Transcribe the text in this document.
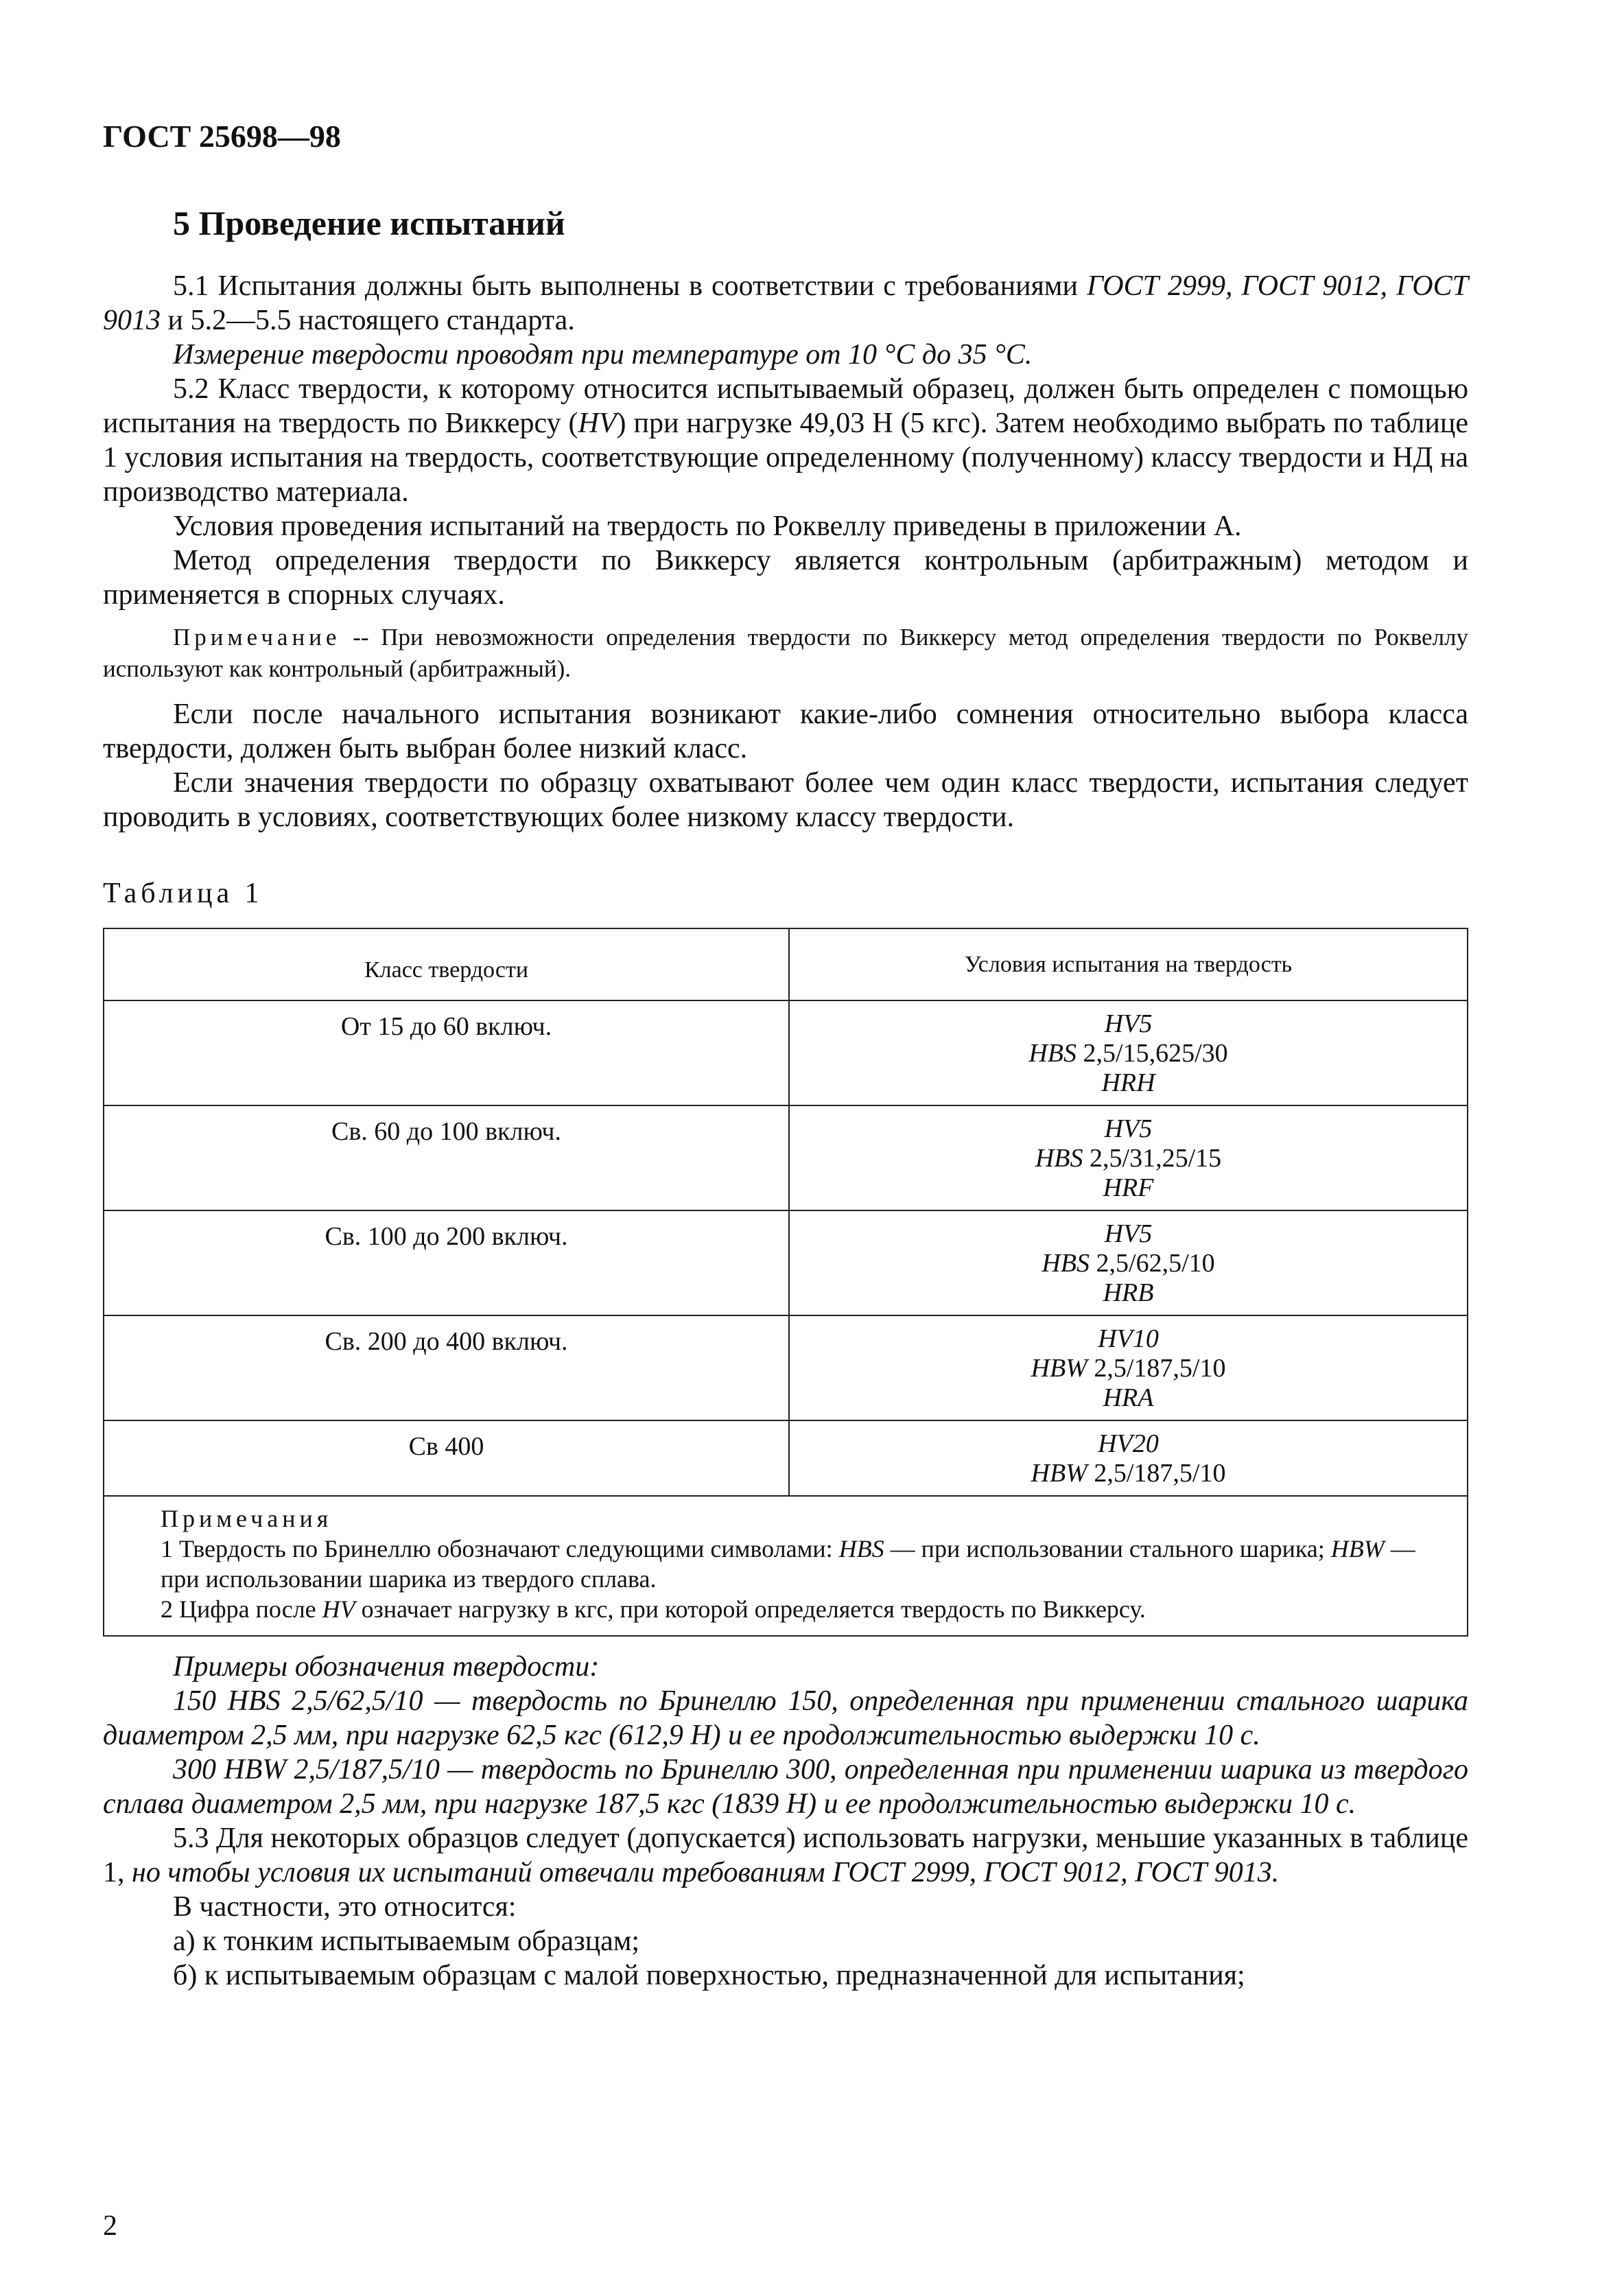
ГОСТ 25698—98
5 Проведение испытаний

5.1 Испытания должны быть выполнены в соответствии с требованиями ГОСТ 2999, ГОСТ 9012, ГОСТ 9013 и 5.2—5.5 настоящего стандарта.

Измерение твердости проводят при температуре от 10 °С до 35 °С.

5.2 Класс твердости, к которому относится испытываемый образец, должен быть определен с помощью испытания на твердость по Виккерсу (HV) при нагрузке 49,03 Н (5 кгс). Затем необходимо выбрать по таблице 1 условия испытания на твердость, соответствующие определенному (полученному) классу твердости и НД на производство материала.

Условия проведения испытаний на твердость по Роквеллу приведены в приложении А.

Метод определения твердости по Виккерсу является контрольным (арбитражным) методом и применяется в спорных случаях.

Примечание -- При невозможности определения твердости по Виккерсу метод определения твердости по Роквеллу используют как контрольный (арбитражный).

Если после начального испытания возникают какие-либо сомнения относительно выбора класса твердости, должен быть выбран более низкий класс.

Если значения твердости по образцу охватывают более чем один класс твердости, испытания следует проводить в условиях, соответствующих более низкому классу твердости.

Таблица 1
Класс твердости	Условия испытания на твердость
От 15 до 60 включ.	HV5
HBS 2,5/15,625/30
HRH

Св. 60 до 100 включ.	HV5
HBS 2,5/31,25/15
HRF

Св. 100 до 200 включ.	HV5
HBS 2,5/62,5/10
HRB

Св. 200 до 400 включ.	HV10
HBW 2,5/187,5/10
HRA

Св 400	HV20
HBW 2,5/187,5/10

Примечания
1 Твердость по Бринеллю обозначают следующими символами: HBS — при использовании стального шарика; HBW — при использовании шарика из твердого сплава.
2 Цифра после HV означает нагрузку в кгс, при которой определяется твердость по Виккерсу.	

Примеры обозначения твердости:

150 HBS 2,5/62,5/10 — твердость по Бринеллю 150, определенная при применении стального шарика диаметром 2,5 мм, при нагрузке 62,5 кгс (612,9 Н) и ее продолжительностью выдержки 10 с.

300 HBW 2,5/187,5/10 — твердость по Бринеллю 300, определенная при применении шарика из твердого сплава диаметром 2,5 мм, при нагрузке 187,5 кгс (1839 Н) и ее продолжительностью выдержки 10 с.

5.3 Для некоторых образцов следует (допускается) использовать нагрузки, меньшие указанных в таблице 1, но чтобы условия их испытаний отвечали требованиям ГОСТ 2999, ГОСТ 9012, ГОСТ 9013.

В частности, это относится:

а) к тонким испытываемым образцам;

б) к испытываемым образцам с малой поверхностью, предназначенной для испытания;

2
